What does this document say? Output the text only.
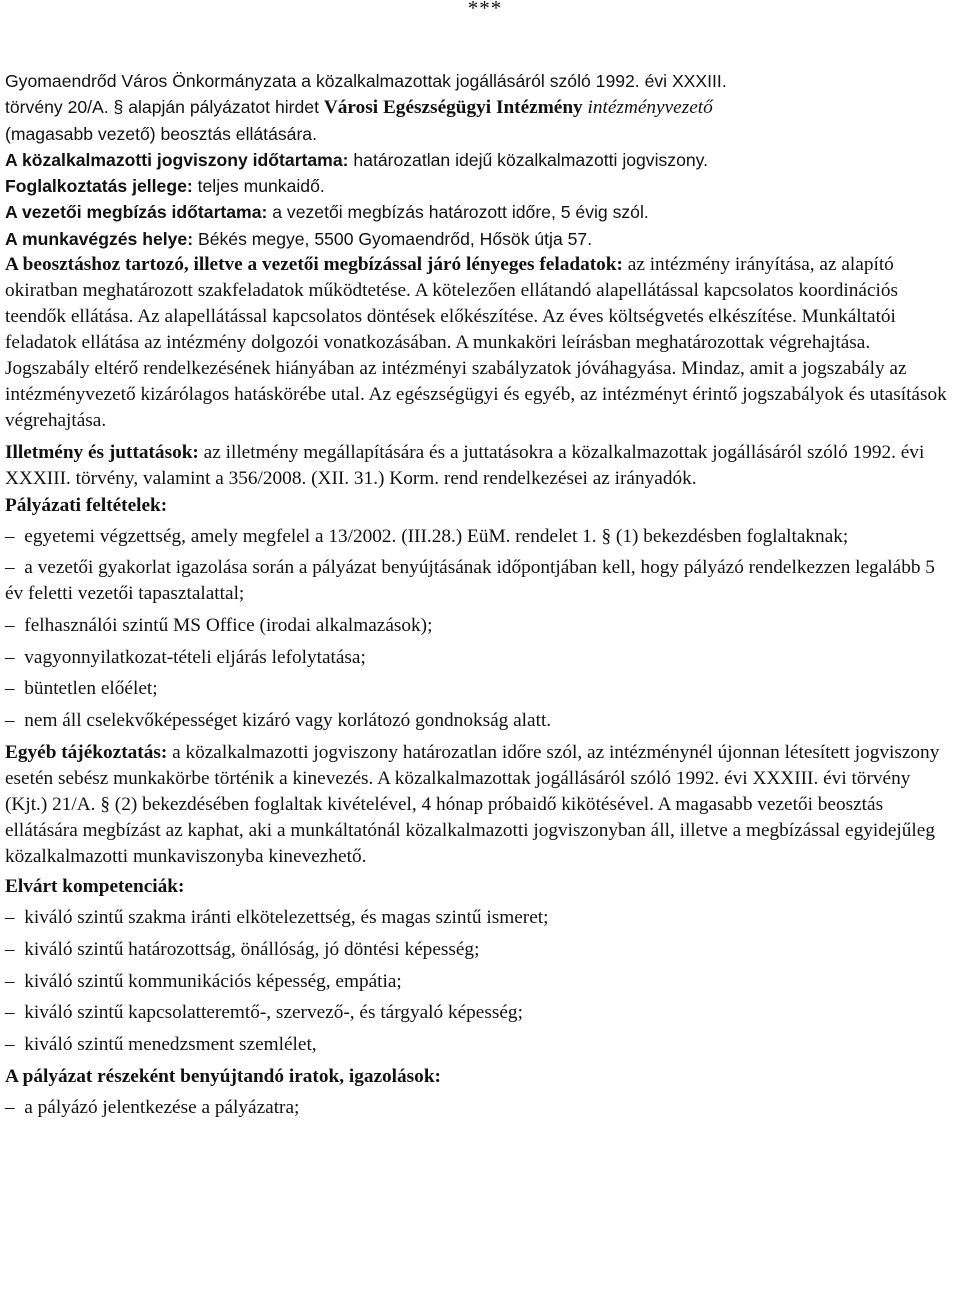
***

Gyomaendrőd Város Önkormányzata a közalkalmazottak jogállásáról szóló 1992. évi XXXIII.

törvény 20/A. § alapján pályázatot hirdet Városi Egészségügyi Intézmény intézményvezető

(magasabb vezető) beosztás ellátására.

A közalkalmazotti jogviszony időtartama: határozatlan idejű közalkalmazotti jogviszony.

Foglalkoztatás jellege: teljes munkaidő.

A vezetői megbízás időtartama: a vezetői megbízás határozott időre, 5 évig szól.

A munkavégzés helye: Békés megye, 5500 Gyomaendrőd, Hősök útja 57.

A beosztáshoz tartozó, illetve a vezetői megbízással járó lényeges feladatok: az intézmény irányítása, az alapító okiratban meghatározott szakfeladatok működtetése. A kötelezően ellátandó alapellátással kapcsolatos koordinációs teendők ellátása. Az alapellátással kapcsolatos döntések előkészítése. Az éves költségvetés elkészítése. Munkáltatói feladatok ellátása az intézmény dolgozói vonatkozásában. A munkaköri leírásban meghatározottak végrehajtása. Jogszabály eltérő rendelkezésének hiányában az intézményi szabályzatok jóváhagyása. Mindaz, amit a jogszabály az intézményvezető kizárólagos hatáskörébe utal. Az egészségügyi és egyéb, az intézményt érintő jogszabályok és utasítások végrehajtása.

Illetmény és juttatások: az illetmény megállapítására és a juttatásokra a közalkalmazottak jogállásáról szóló 1992. évi

XXXIII. törvény, valamint a 356/2008. (XII. 31.) Korm. rend rendelkezései az irányadók.

Pályázati feltételek:

–  egyetemi végzettség, amely megfelel a 13/2002. (III.28.) EüM. rendelet 1. § (1) bekezdésben foglaltaknak;

–  a vezetői gyakorlat igazolása során a pályázat benyújtásának időpontjában kell, hogy pályázó rendelkezzen legalább 5 év feletti vezetői tapasztalattal;

–  felhasználói szintű MS Office (irodai alkalmazások);

–  vagyonnyilatkozat-tételi eljárás lefolytatása;

–  büntetlen előélet;

–  nem áll cselekvőképességet kizáró vagy korlátozó gondnokság alatt.

Egyéb tájékoztatás: a közalkalmazotti jogviszony határozatlan időre szól, az intézménynél újonnan létesített jogviszony esetén sebész munkakörbe történik a kinevezés. A közalkalmazottak jogállásáról szóló 1992. évi XXXIII. évi törvény (Kjt.) 21/A. § (2) bekezdésében foglaltak kivételével, 4 hónap próbaidő kikötésével. A magasabb vezetői beosztás ellátására megbízást az kaphat, aki a munkáltatónál közalkalmazotti jogviszonyban áll, illetve a megbízással egyidejűleg közalkalmazotti munkaviszonyba kinevezhető.

Elvárt kompetenciák:

–  kiváló szintű szakma iránti elkötelezettség, és magas szintű ismeret;

–  kiváló szintű határozottság, önállóság, jó döntési képesség;

–  kiváló szintű kommunikációs képesség, empátia;

–  kiváló szintű kapcsolatteremtő-, szervező-, és tárgyaló képesség;

–  kiváló szintű menedzsment szemlélet,

A pályázat részeként benyújtandó iratok, igazolások:

–  a pályázó jelentkezése a pályázatra;
